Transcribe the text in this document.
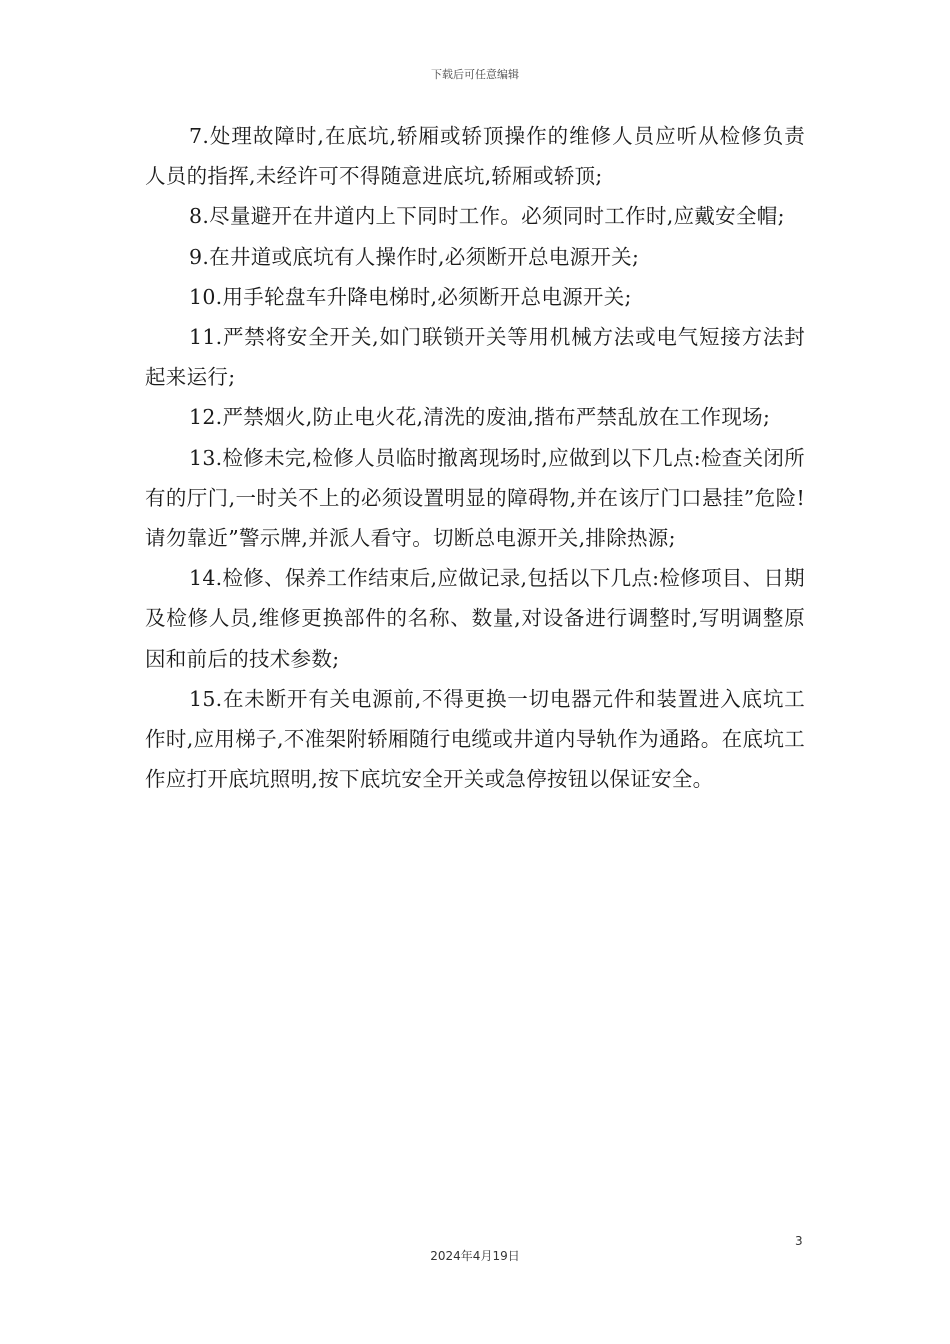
下载后可任意编辑

7.处理故障时,在底坑,轿厢或轿顶操作的维修人员应听从检修负责人员的指挥,未经许可不得随意进底坑,轿厢或轿顶;

8.尽量避开在井道内上下同时工作。必须同时工作时,应戴安全帽;

9.在井道或底坑有人操作时,必须断开总电源开关;

10.用手轮盘车升降电梯时,必须断开总电源开关;

11.严禁将安全开关,如门联锁开关等用机械方法或电气短接方法封起来运行;

12.严禁烟火,防止电火花,清洗的废油,揩布严禁乱放在工作现场;

13.检修未完,检修人员临时撤离现场时,应做到以下几点:检查关闭所有的厅门,一时关不上的必须设置明显的障碍物,并在该厅门口悬挂”危险!请勿靠近”警示牌,并派人看守。切断总电源开关,排除热源;

14.检修、保养工作结束后,应做记录,包括以下几点:检修项目、日期及检修人员,维修更换部件的名称、数量,对设备进行调整时,写明调整原因和前后的技术参数;

15.在未断开有关电源前,不得更换一切电器元件和装置进入底坑工作时,应用梯子,不准架附轿厢随行电缆或井道内导轨作为通路。在底坑工作应打开底坑照明,按下底坑安全开关或急停按钮以保证安全。

3
2024年4月19日
